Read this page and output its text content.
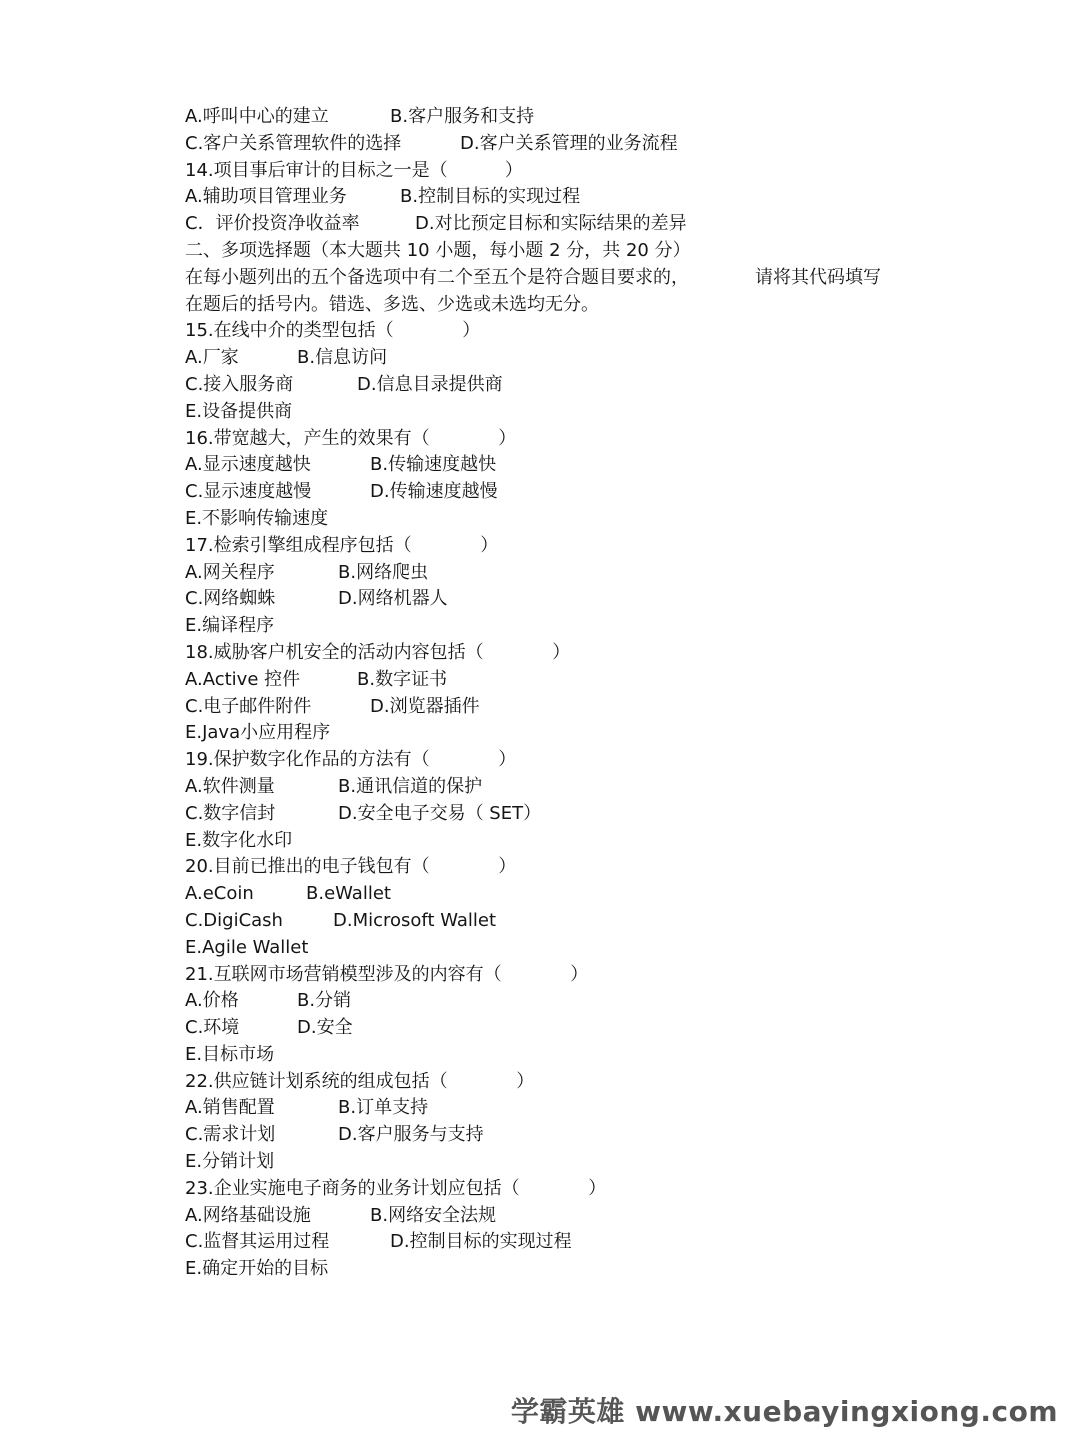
A.呼叫中心的建立	B.客户服务和支持
C.客户关系管理软件的选择	D.客户关系管理的业务流程
14.项目事后审计的目标之一是（          ）
A.辅助项目管理业务	B.控制目标的实现过程
C．评价投资净收益率	D.对比预定目标和实际结果的差异
二、多项选择题（本大题共 10 小题，每小题 2 分，共 20 分）
在每小题列出的五个备选项中有二个至五个是符合题目要求的，	请将其代码填写
在题后的括号内。错选、多选、少选或未选均无分。
15.在线中介的类型包括（            ）
A.厂家	B.信息访问
C.接入服务商	D.信息目录提供商
E.设备提供商
16.带宽越大，产生的效果有（            ）
A.显示速度越快	B.传输速度越快
C.显示速度越慢	D.传输速度越慢
E.不影响传输速度
17.检索引擎组成程序包括（            ）
A.网关程序	B.网络爬虫
C.网络蜘蛛	D.网络机器人
E.编译程序
18.威胁客户机安全的活动内容包括（            ）
A.Active 控件	B.数字证书
C.电子邮件附件	D.浏览器插件
E.Java小应用程序
19.保护数字化作品的方法有（            ）
A.软件测量	B.通讯信道的保护
C.数字信封	D.安全电子交易（ SET）
E.数字化水印
20.目前已推出的电子钱包有（            ）
A.eCoin	B.eWallet
C.DigiCash	D.Microsoft Wallet
E.Agile Wallet
21.互联网市场营销模型涉及的内容有（            ）
A.价格	B.分销
C.环境	D.安全
E.目标市场
22.供应链计划系统的组成包括（            ）
A.销售配置	B.订单支持
C.需求计划	D.客户服务与支持
E.分销计划
23.企业实施电子商务的业务计划应包括（            ）
A.网络基础设施	B.网络安全法规
C.监督其运用过程	D.控制目标的实现过程
E.确定开始的目标
学霸英雄 www.xuebayingxiong.com
